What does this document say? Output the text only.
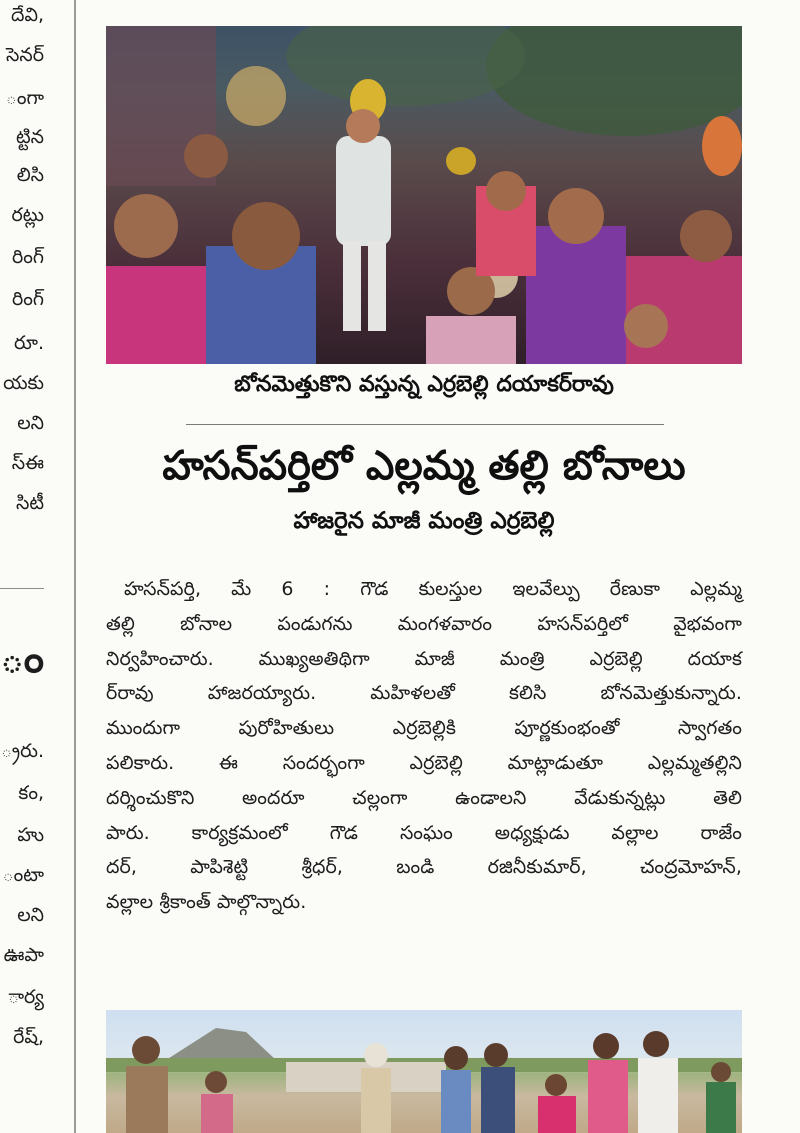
దేవి,
సెనర్
ంగా
ట్టిన
లిసి
రట్లు
రింగ్
రింగ్
రూ.
యకు
లని
స్ఈ
సిటీ
ం
్రరు.
కం,
హు
ంటా
లని
ఊపా
ార్య
రేష్,
బోనమెత్తుకొని వస్తున్న ఎర్రబెల్లి దయాకర్‌రావు
హసన్‌పర్తిలో ఎల్లమ్మ తల్లి బోనాలు
హాజరైన మాజీ మంత్రి ఎర్రబెల్లి
హసన్‌పర్తి, మే 6 : గౌడ కులస్తుల ఇలవేల్పు రేణుకా ఎల్లమ్మ
తల్లి బోనాల పండుగను మంగళవారం హసన్‌పర్తిలో వైభవంగా
నిర్వహించారు. ముఖ్యఅతిథిగా మాజీ మంత్రి ఎర్రబెల్లి దయాక
ర్‌రావు హాజరయ్యారు. మహిళలతో కలిసి బోనమెత్తుకున్నారు.
ముందుగా పురోహితులు ఎర్రబెల్లికి పూర్ణకుంభంతో స్వాగతం
పలికారు. ఈ సందర్భంగా ఎర్రబెల్లి మాట్లాడుతూ ఎల్లమ్మతల్లిని
దర్శించుకొని అందరూ చల్లంగా ఉండాలని వేడుకున్నట్లు తెలి
పారు. కార్యక్రమంలో గౌడ సంఘం అధ్యక్షుడు వల్లాల రాజేం
దర్, పాపిశెట్టి శ్రీధర్, బండి రజినీకుమార్, చంద్రమోహన్,
వల్లాల శ్రీకాంత్ పాల్గొన్నారు.
